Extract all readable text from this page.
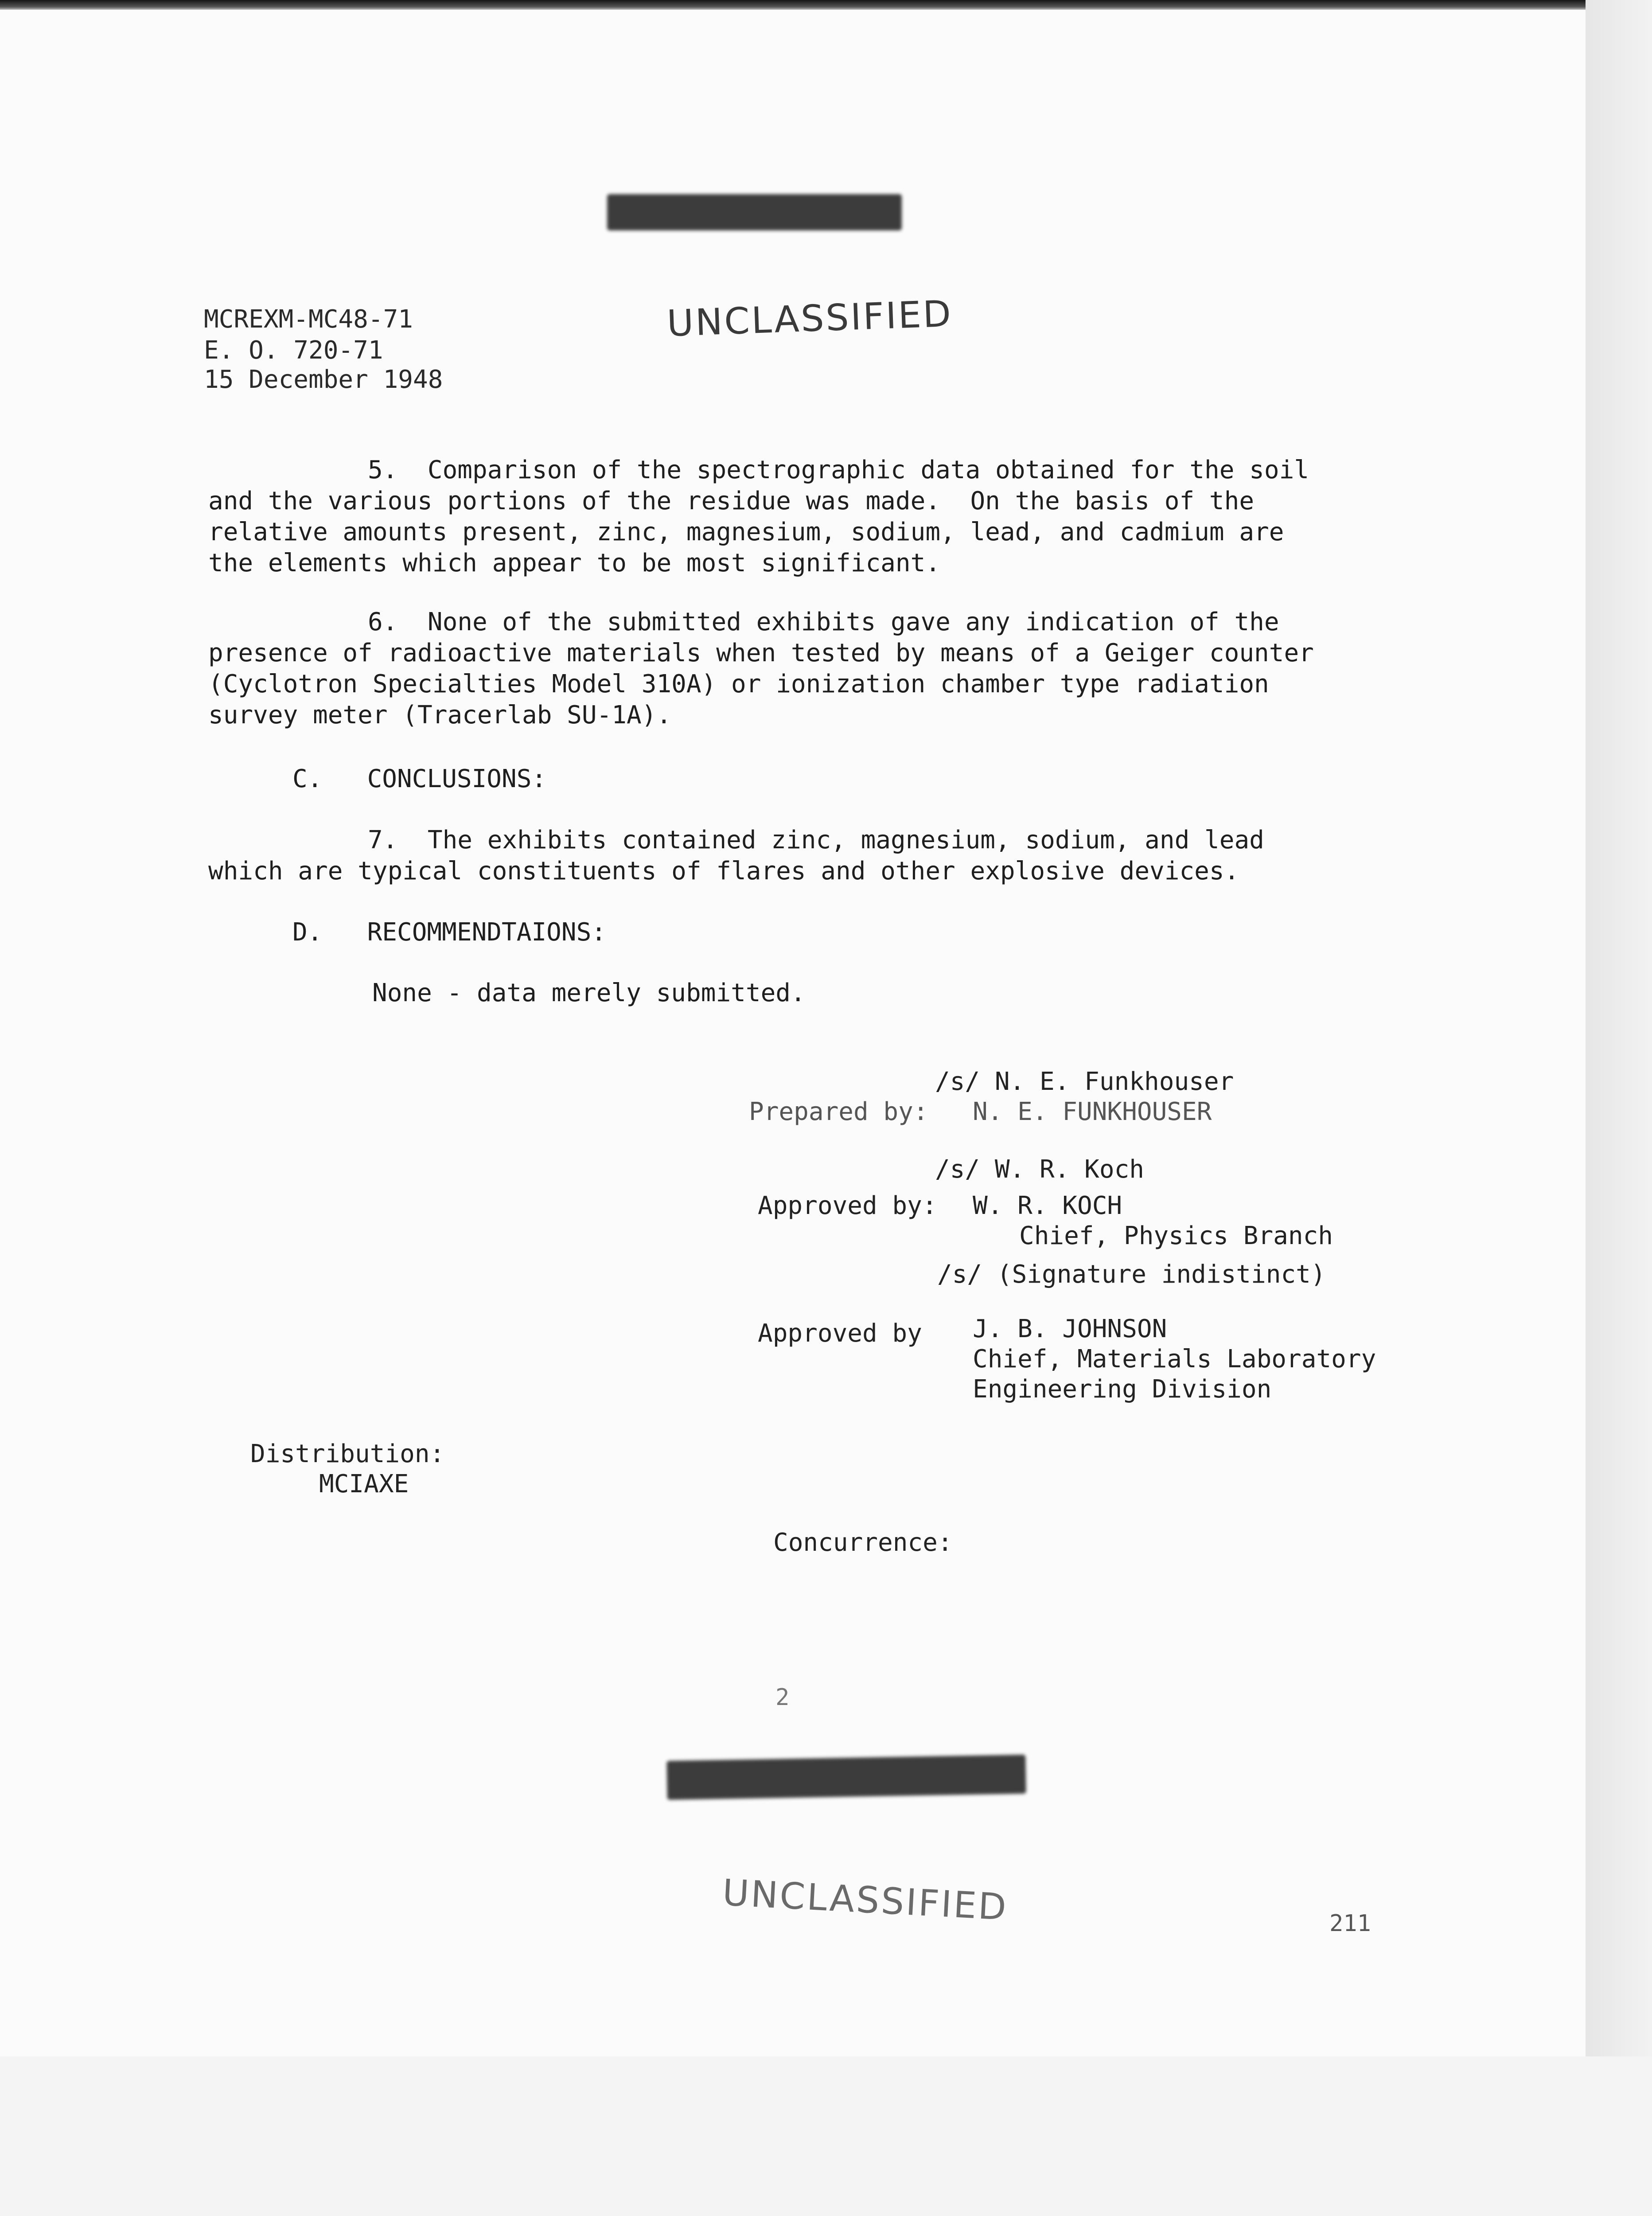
MCREXM-MC48-71
E. O. 720-71
15 December 1948
UNCLASSIFIED
5.  Comparison of the spectrographic data obtained for the soil
and the various portions of the residue was made.  On the basis of the
relative amounts present, zinc, magnesium, sodium, lead, and cadmium are
the elements which appear to be most significant.
6.  None of the submitted exhibits gave any indication of the
presence of radioactive materials when tested by means of a Geiger counter
(Cyclotron Specialties Model 310A) or ionization chamber type radiation
survey meter (Tracerlab SU-1A).
C.   CONCLUSIONS:
7.  The exhibits contained zinc, magnesium, sodium, and lead
which are typical constituents of flares and other explosive devices.
D.   RECOMMENDTAIONS:
None - data merely submitted.
/s/ N. E. Funkhouser
Prepared by: N. E. FUNKHOUSER
/s/ W. R. Koch
Approved by: W. R. KOCH
Chief, Physics Branch
/s/ (Signature indistinct)
Approved by J. B. JOHNSON
Chief, Materials Laboratory
Engineering Division
Distribution:
MCIAXE
Concurrence:
2
UNCLASSIFIED	211
